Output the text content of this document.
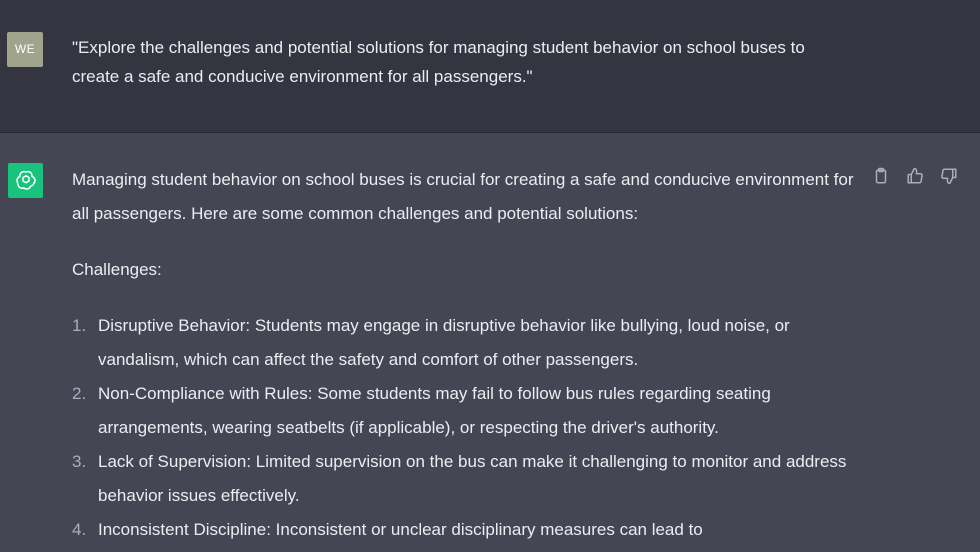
WE	"Explore the challenges and potential solutions for managing student behavior on school buses to create a safe and conducive environment for all passengers."

Managing student behavior on school buses is crucial for creating a safe and conducive environment for all passengers. Here are some common challenges and potential solutions:

Challenges:

1. Disruptive Behavior: Students may engage in disruptive behavior like bullying, loud noise, or vandalism, which can affect the safety and comfort of other passengers.
2. Non-Compliance with Rules: Some students may fail to follow bus rules regarding seating arrangements, wearing seatbelts (if applicable), or respecting the driver's authority.
3. Lack of Supervision: Limited supervision on the bus can make it challenging to monitor and address behavior issues effectively.
4. Inconsistent Discipline: Inconsistent or unclear disciplinary measures can lead to
